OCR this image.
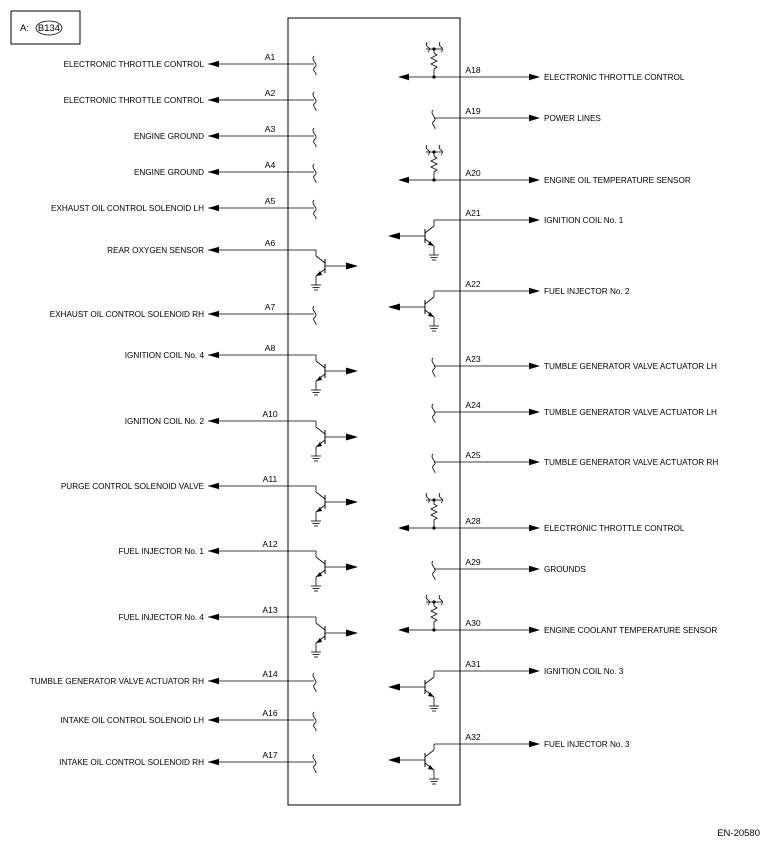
A: B134
A1
ELECTRONIC THROTTLE CONTROL
A2
ELECTRONIC THROTTLE CONTROL
A3
ENGINE GROUND
A4
ENGINE GROUND
A5
EXHAUST OIL CONTROL SOLENOID LH
A6
REAR OXYGEN SENSOR
A7
EXHAUST OIL CONTROL SOLENOID RH
A8
IGNITION COIL No. 4
A10
IGNITION COIL No. 2
A11
PURGE CONTROL SOLENOID VALVE
A12
FUEL INJECTOR No. 1
A13
FUEL INJECTOR No. 4
A14
TUMBLE GENERATOR VALVE ACTUATOR RH
A16
INTAKE OIL CONTROL SOLENOID LH
A17
INTAKE OIL CONTROL SOLENOID RH
A18
ELECTRONIC THROTTLE CONTROL
A19
POWER LINES
A20
ENGINE OIL TEMPERATURE SENSOR
A21
IGNITION COIL No. 1
A22
FUEL INJECTOR No. 2
A23
TUMBLE GENERATOR VALVE ACTUATOR LH
A24
TUMBLE GENERATOR VALVE ACTUATOR LH
A25
TUMBLE GENERATOR VALVE ACTUATOR RH
A28
ELECTRONIC THROTTLE CONTROL
A29
GROUNDS
A30
ENGINE COOLANT TEMPERATURE SENSOR
A31
IGNITION COIL No. 3
A32
FUEL INJECTOR No. 3
EN-20580
